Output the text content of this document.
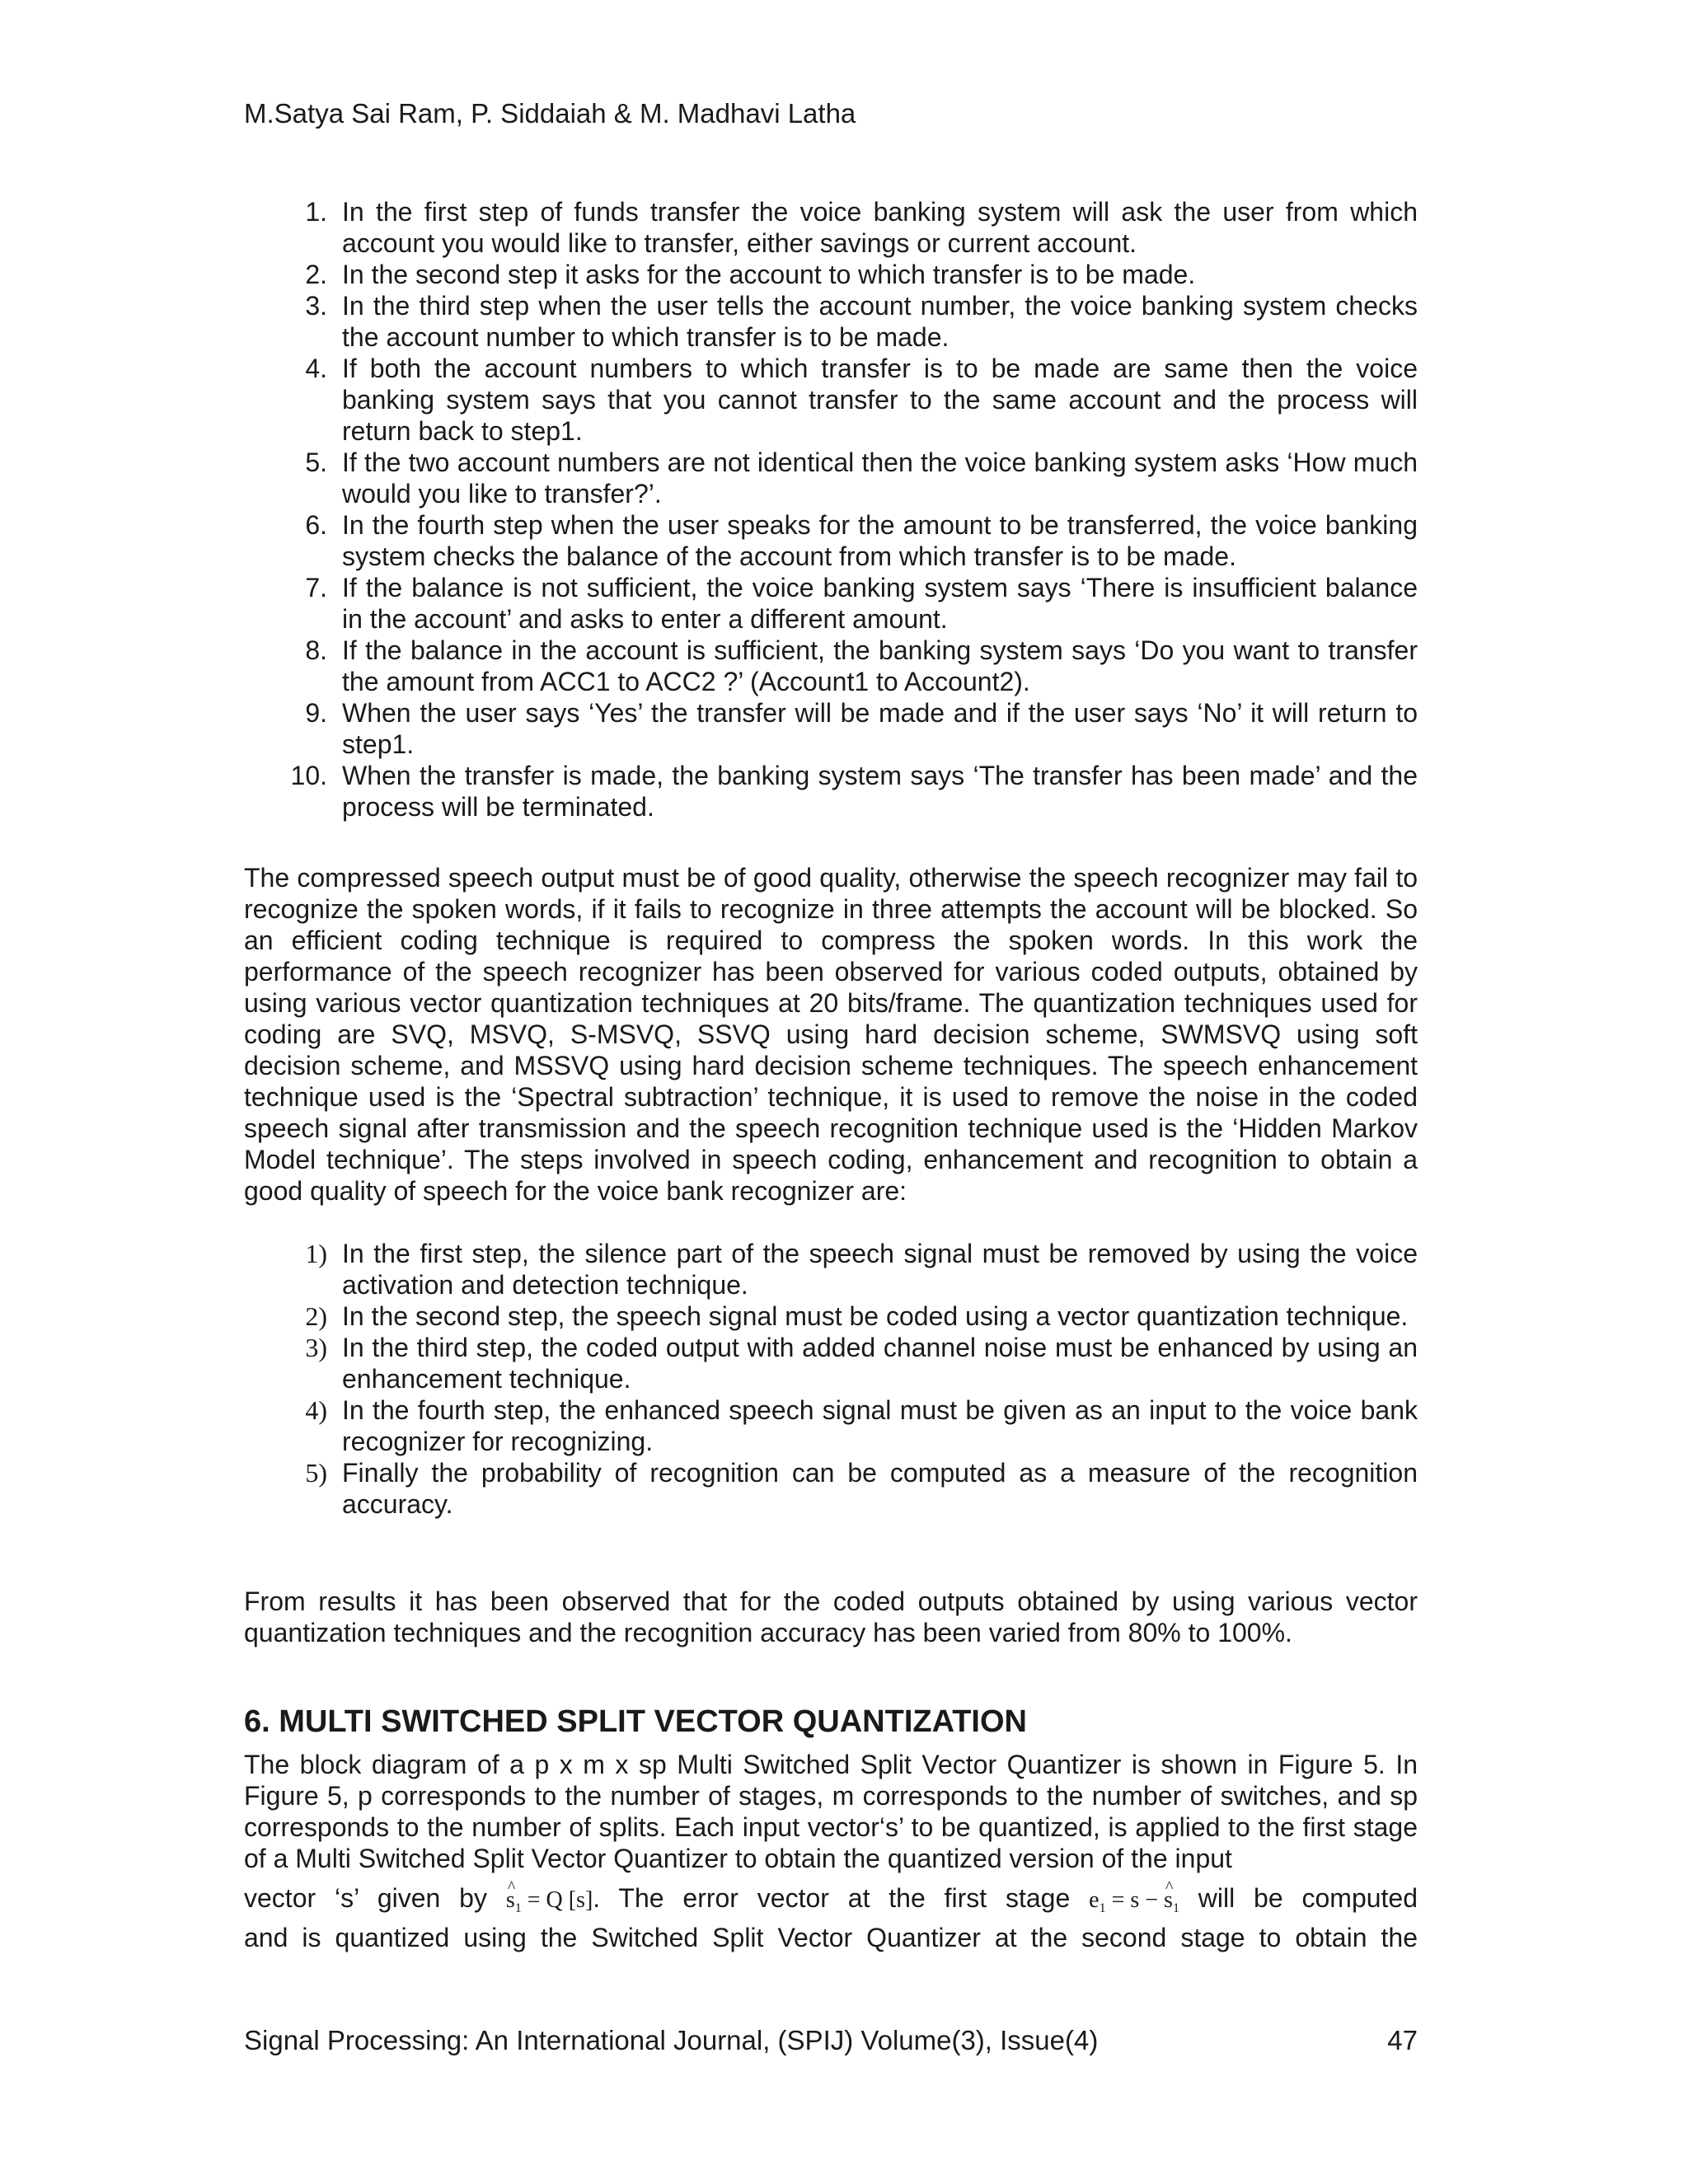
M.Satya Sai Ram, P. Siddaiah & M. Madhavi Latha
1. In the first step of funds transfer the voice banking system will ask the user from which account you would like to transfer, either savings or current account.
2. In the second step it asks for the account to which transfer is to be made.
3. In the third step when the user tells the account number, the voice banking system checks the account number to which transfer is to be made.
4. If both the account numbers to which transfer is to be made are same then the voice banking system says that you cannot transfer to the same account and the process will return back to step1.
5. If the two account numbers are not identical then the voice banking system asks ‘How much would you like to transfer?’.
6. In the fourth step when the user speaks for the amount to be transferred, the voice banking system checks the balance of the account from which transfer is to be made.
7. If the balance is not sufficient, the voice banking system says ‘There is insufficient balance in the account’ and asks to enter a different amount.
8. If the balance in the account is sufficient, the banking system says ‘Do you want to transfer the amount from ACC1 to ACC2 ?’ (Account1 to Account2).
9. When the user says ‘Yes’ the transfer will be made and if the user says ‘No’ it will return to step1.
10. When the transfer is made, the banking system says ‘The transfer has been made’ and the process will be terminated.

The compressed speech output must be of good quality, otherwise the speech recognizer may fail to recognize the spoken words, if it fails to recognize in three attempts the account will be blocked. So an efficient coding technique is required to compress the spoken words. In this work the performance of the speech recognizer has been observed for various coded outputs, obtained by using various vector quantization techniques at 20 bits/frame. The quantization techniques used for coding are SVQ, MSVQ, S-MSVQ, SSVQ using hard decision scheme, SWMSVQ using soft decision scheme, and MSSVQ using hard decision scheme techniques. The speech enhancement technique used is the ‘Spectral subtraction’ technique, it is used to remove the noise in the coded speech signal after transmission and the speech recognition technique used is the ‘Hidden Markov Model technique’. The steps involved in speech coding, enhancement and recognition to obtain a good quality of speech for the voice bank recognizer are:

1) In the first step, the silence part of the speech signal must be removed by using the voice activation and detection technique.
2) In the second step, the speech signal must be coded using a vector quantization technique.
3) In the third step, the coded output with added channel noise must be enhanced by using an enhancement technique.
4) In the fourth step, the enhanced speech signal must be given as an input to the voice bank recognizer for recognizing.
5) Finally the probability of recognition can be computed as a measure of the recognition accuracy.

From results it has been observed that for the coded outputs obtained by using various vector quantization techniques and the recognition accuracy has been varied from 80% to 100%.

6. MULTI SWITCHED SPLIT VECTOR QUANTIZATION

The block diagram of a p x m x sp Multi Switched Split Vector Quantizer is shown in Figure 5. In Figure 5, p corresponds to the number of stages, m corresponds to the number of switches, and sp corresponds to the number of splits. Each input vector‘s’ to be quantized, is applied to the first stage of a Multi Switched Split Vector Quantizer to obtain the quantized version of the input

vector ‘s’ given by ^ $s_1 = Q$ [s]. The error vector at the first stage $e_1 = s$ − ^ $s_1$ will be computed

and is quantized using the Switched Split Vector Quantizer at the second stage to obtain the

Signal Processing: An International Journal, (SPIJ) Volume(3), Issue(4)	47
